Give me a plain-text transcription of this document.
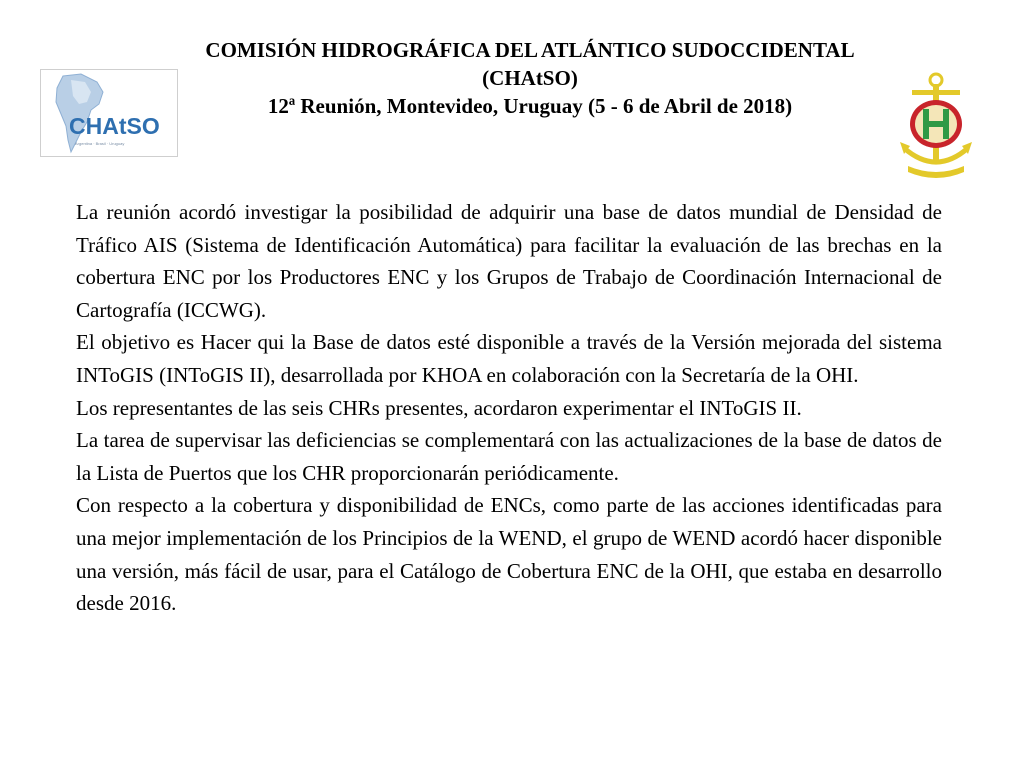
COMISIÓN HIDROGRÁFICA DEL ATLÁNTICO SUDOCCIDENTAL
(CHAtSO)
12ª Reunión, Montevideo, Uruguay (5 - 6 de Abril de 2018)
CHAtSO
Argentina · Brasil · Uruguay

La reunión acordó investigar la posibilidad de adquirir una base de datos mundial de Densidad de Tráfico AIS (Sistema de Identificación Automática) para facilitar la evaluación de las brechas en la cobertura ENC por los Productores ENC y los Grupos de Trabajo de Coordinación Internacional de Cartografía (ICCWG).

El objetivo es Hacer qui la Base de datos esté disponible a través de la Versión mejorada del sistema INToGIS (INToGIS II), desarrollada por KHOA en colaboración con la Secretaría de la OHI.

Los representantes de las seis CHRs presentes, acordaron experimentar el INToGIS II.

La tarea de supervisar las deficiencias se complementará con las actualizaciones de la base de datos de la Lista de Puertos que los CHR proporcionarán periódicamente.

Con respecto a la cobertura y disponibilidad de ENCs, como parte de las acciones identificadas para una mejor implementación de los Principios de la WEND, el grupo de WEND acordó hacer disponible una versión, más fácil de usar, para el Catálogo de Cobertura ENC de la OHI, que estaba en desarrollo desde 2016.
